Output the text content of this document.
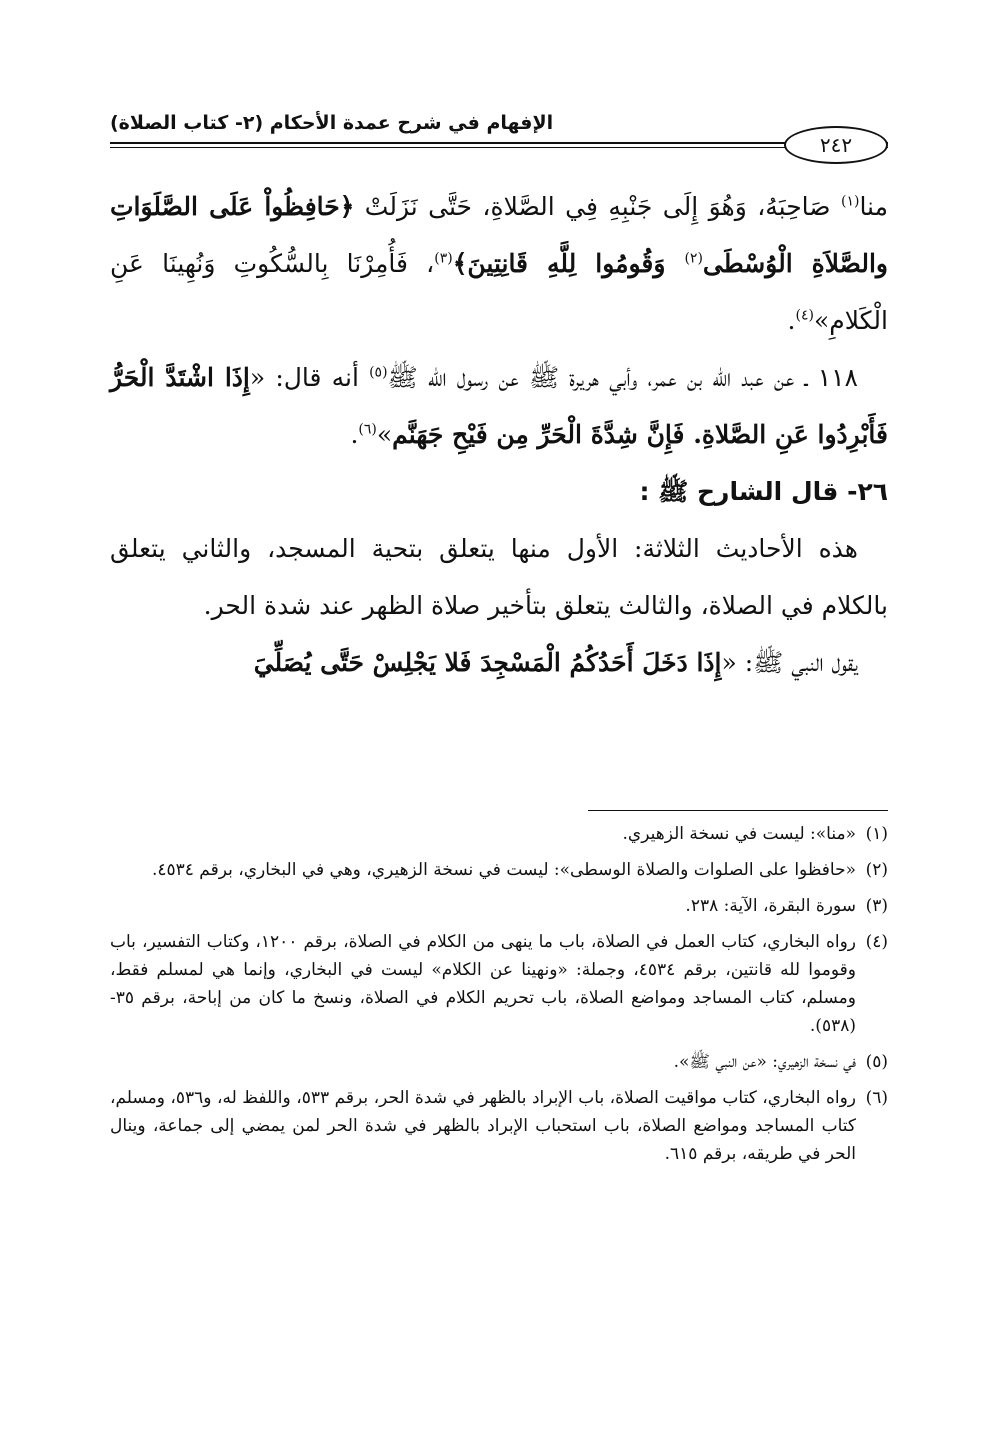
الإفهام في شرح عمدة الأحكام (٢- كتاب الصلاة)
٢٤٢

منا$^{(١)}$ صَاحِبَهُ، وَهُوَ إِلَى جَنْبِهِ فِي الصَّلاةِ، حَتَّى نَزَلَتْ ﴿حَافِظُواْ عَلَى الصَّلَوَاتِ والصَّلاَةِ الْوُسْطَى$^{(٢)}$ وَقُومُوا لِلَّهِ قَانِتِينَ﴾$^{(٣)}$، فَأُمِرْنَا بِالسُّكُوتِ وَنُهِينَا عَنِ الْكَلامِ»$^{(٤)}$.

١١٨ ـ عن عبد الله بن عمر، وأبي هريرة ﷺ عن رسول الله ﷺ$^{(٥)}$ أنه قال: «إِذَا اشْتَدَّ الْحَرُّ فَأَبْرِدُوا عَنِ الصَّلاةِ. فَإِنَّ شِدَّةَ الْحَرِّ مِن فَيْحِ جَهَنَّم»$^{(٦)}$.

٢٦- قال الشارح ﷺ :

هذه الأحاديث الثلاثة: الأول منها يتعلق بتحية المسجد، والثاني يتعلق بالكلام في الصلاة، والثالث يتعلق بتأخير صلاة الظهر عند شدة الحر.

يقول النبي ﷺ: «إِذَا دَخَلَ أَحَدُكُمُ الْمَسْجِدَ فَلا يَجْلِسْ حَتَّى يُصَلِّيَ

(١)
«منا»: ليست في نسخة الزهيري.

(٢)
«حافظوا على الصلوات والصلاة الوسطى»: ليست في نسخة الزهيري، وهي في البخاري، برقم ٤٥٣٤.

(٣)
سورة البقرة، الآية: ٢٣٨.

(٤)
رواه البخاري، كتاب العمل في الصلاة، باب ما ينهى من الكلام في الصلاة، برقم ١٢٠٠، وكتاب التفسير، باب وقوموا لله قانتين، برقم ٤٥٣٤، وجملة: «ونهينا عن الكلام» ليست في البخاري، وإنما هي لمسلم فقط، ومسلم، كتاب المساجد ومواضع الصلاة، باب تحريم الكلام في الصلاة، ونسخ ما كان من إباحة، برقم ٣٥- (٥٣٨).

(٥)
في نسخة الزهيري: «عن النبي ﷺ».

(٦)
رواه البخاري، كتاب مواقيت الصلاة، باب الإبراد بالظهر في شدة الحر، برقم ٥٣٣، واللفظ له، و٥٣٦، ومسلم، كتاب المساجد ومواضع الصلاة، باب استحباب الإبراد بالظهر في شدة الحر لمن يمضي إلى جماعة، وينال الحر في طريقه، برقم ٦١٥.
